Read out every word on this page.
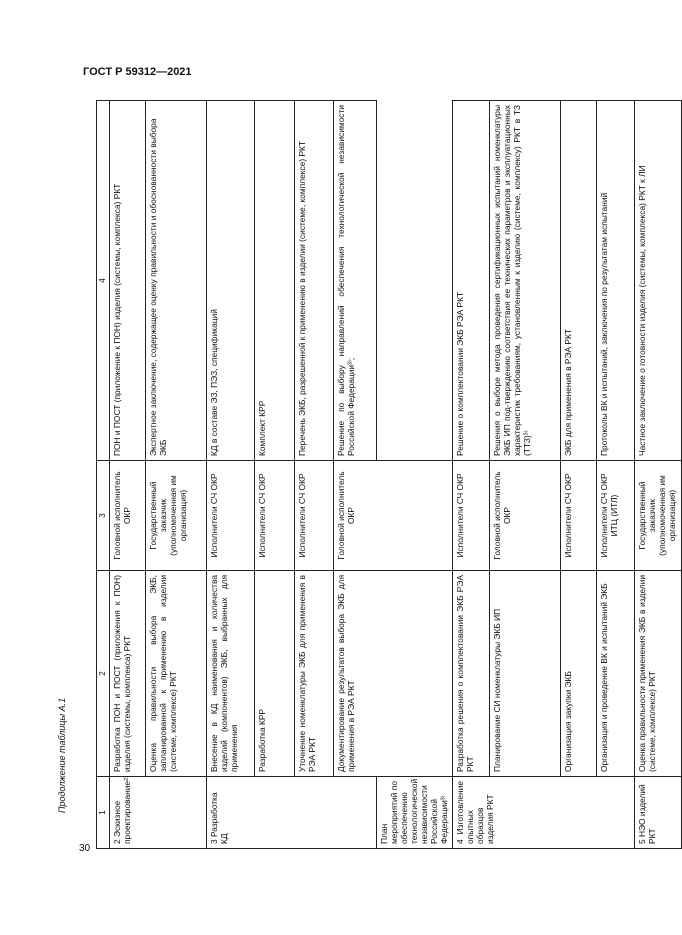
ГОСТ Р 59312—2021
Продолжение таблицы А.1
30
1	2	3	4
2 Эскизное проектирование²⁾	Разработка ПОН и ПОСТ (приложения к ПОН) изделия (системы, комплекса) РКТ	Головной исполнитель ОКР	ПОН и ПОСТ (приложение к ПОН) изделия (системы, комплекса) РКТ
	Оценка правильности выбора ЭКБ, запланированной к применению в изделии (системе, комплексе) РКТ	Государственный заказчик (уполномоченная им организация)	Экспертное заключение, содержащее оценку правильности и обоснованности выбора ЭКБ
3 Разработка КД	Внесение в КД наименования и количества изделий (компонентов) ЭКБ, выбранных для применения	Исполнители СЧ ОКР	КД в составе ЭЗ, ПЭЗ, спецификаций
	Разработка КРР	Исполнители СЧ ОКР	Комплект КРР
	Уточнение номенклатуры ЭКБ для применения в РЭА РКТ	Исполнители СЧ ОКР	Перечень ЭКБ, разрешенной к применению в изделии (системе, комплексе) РКТ
	Документирование результатов выбора ЭКБ для применения в РЭА РКТ	Головной исполнитель ОКР	Решение по выбору направлений обеспечения технологической независимости Российской Федерации³⁾;
План мероприятий по обеспечению технологической независимости Российской Федерации³⁾			
4 Изготовление опытных образцов изделия РКТ	Разработка решения о комплектовании ЭКБ РЭА РКТ	Исполнители СЧ ОКР	Решение о комплектовании ЭКБ РЭА РКТ
	Планирование СИ номенклатуры ЭКБ ИП	Головной исполнитель ОКР	Решения о выборе метода проведения сертификационных испытаний номенклатуры ЭКБ ИП под-тверждению соответствия ее технических параметров и эксплуатационных характеристик требованиям, установленным к изделию (системе, комплексу) РКТ в ТЗ (ТТЗ)³⁾
	Организация закупки ЭКБ	Исполнители СЧ ОКР	ЭКБ для применения в РЭА РКТ
	Организация и проведение ВК и испытаний ЭКБ	Исполнители СЧ ОКР ИТЦ (ИТЛ)	Протоколы ВК и испытаний, заключения по результатам испытаний
5 НЭО изделий РКТ	Оценка правильности применения ЭКБ в изделии (системе, комплексе) РКТ	Государственный заказчик (уполномоченная им организация)	Частное заключение о готовности изделия (системы, комплекса) РКТ к ЛИ
